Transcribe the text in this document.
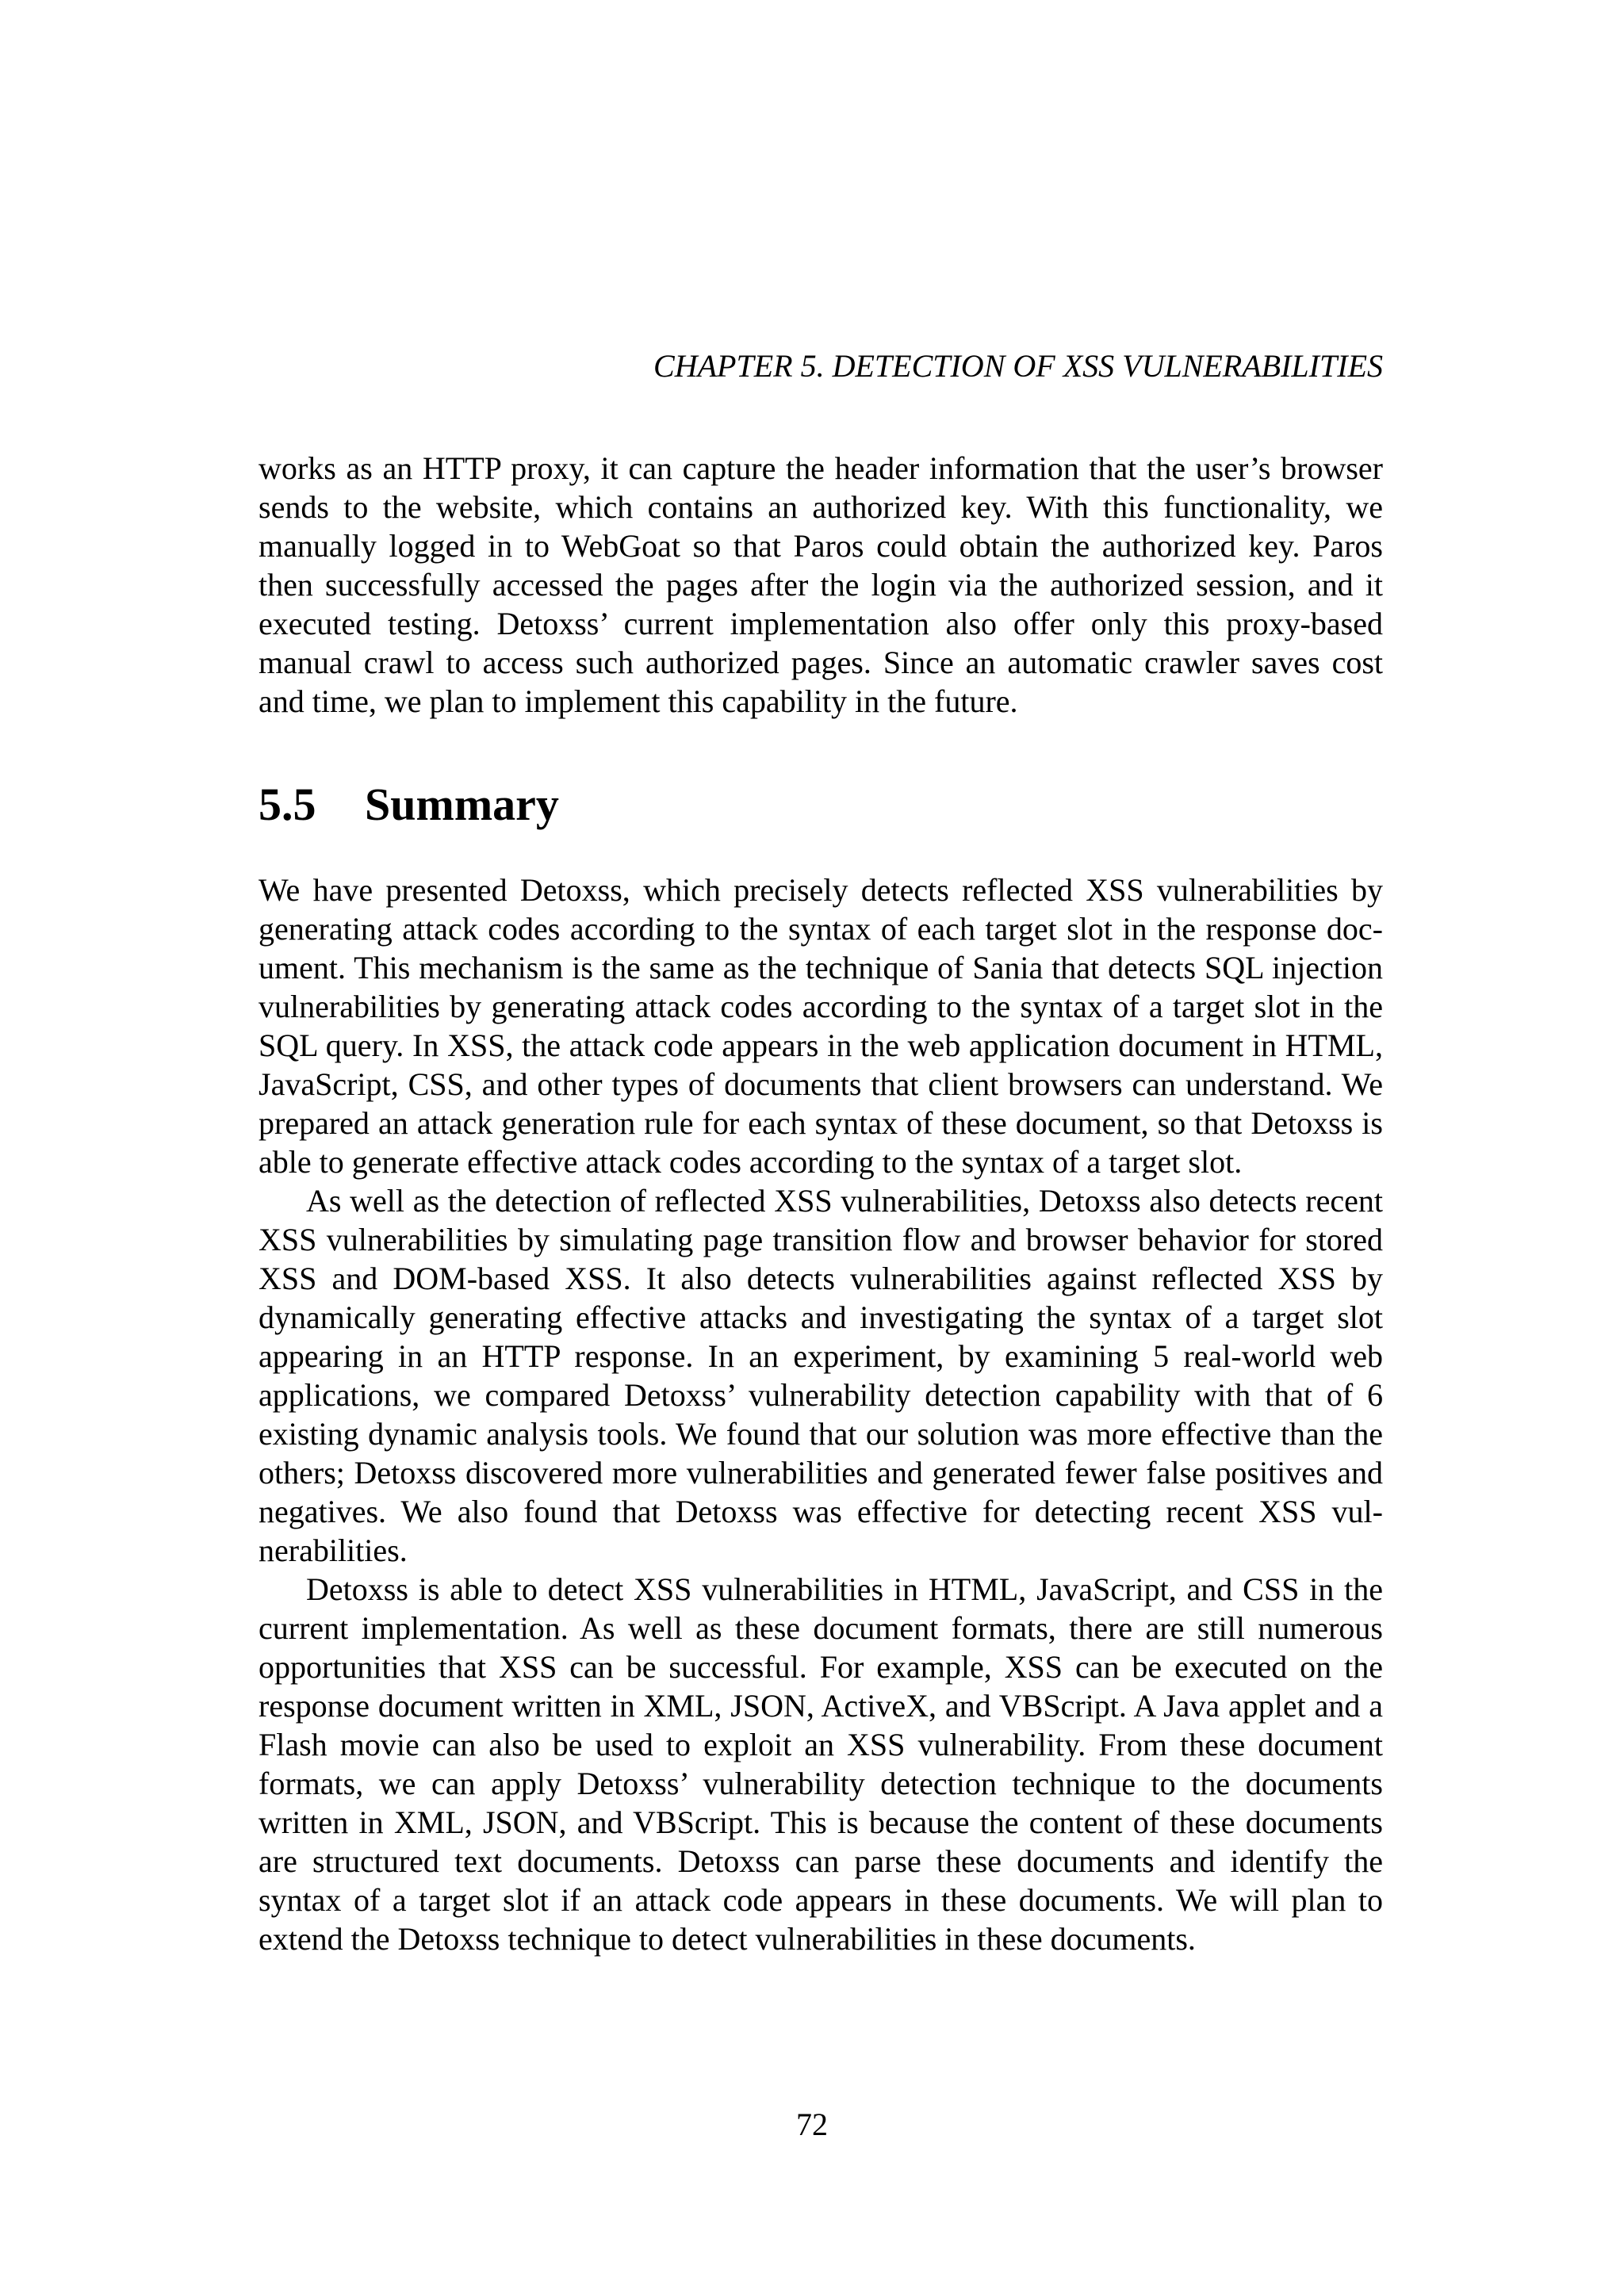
CHAPTER 5. DETECTION OF XSS VULNERABILITIES

works as an HTTP proxy, it can capture the header information that the user’s browser sends to the website, which contains an authorized key. With this functionality, we manually logged in to WebGoat so that Paros could obtain the authorized key. Paros then successfully accessed the pages after the login via the authorized session, and it executed testing. Detoxss’ current implementation also offer only this proxy-based manual crawl to access such authorized pages. Since an automatic crawler saves cost and time, we plan to implement this capability in the future.

5.5 Summary

We have presented Detoxss, which precisely detects reflected XSS vulnerabilities by generating attack codes according to the syntax of each target slot in the response document. This mechanism is the same as the technique of Sania that detects SQL injection vulnerabilities by generating attack codes according to the syntax of a target slot in the SQL query. In XSS, the attack code appears in the web application document in HTML, JavaScript, CSS, and other types of documents that client browsers can understand. We prepared an attack generation rule for each syntax of these document, so that Detoxss is able to generate effective attack codes according to the syntax of a target slot.

As well as the detection of reflected XSS vulnerabilities, Detoxss also detects recent XSS vulnerabilities by simulating page transition flow and browser behavior for stored XSS and DOM-based XSS. It also detects vulnerabilities against reflected XSS by dynamically generating effective attacks and investigating the syntax of a target slot appearing in an HTTP response. In an experiment, by examining 5 real-world web applications, we compared Detoxss’ vulnerability detection capability with that of 6 existing dynamic analysis tools. We found that our solution was more effective than the others; Detoxss discovered more vulnerabilities and generated fewer false positives and negatives. We also found that Detoxss was effective for detecting recent XSS vulnerabilities.

Detoxss is able to detect XSS vulnerabilities in HTML, JavaScript, and CSS in the current implementation. As well as these document formats, there are still numerous opportunities that XSS can be successful. For example, XSS can be executed on the response document written in XML, JSON, ActiveX, and VBScript. A Java applet and a Flash movie can also be used to exploit an XSS vulnerability. From these document formats, we can apply Detoxss’ vulnerability detection technique to the documents written in XML, JSON, and VBScript. This is because the content of these documents are structured text documents. Detoxss can parse these documents and identify the syntax of a target slot if an attack code appears in these documents. We will plan to extend the Detoxss technique to detect vulnerabilities in these documents.

72
